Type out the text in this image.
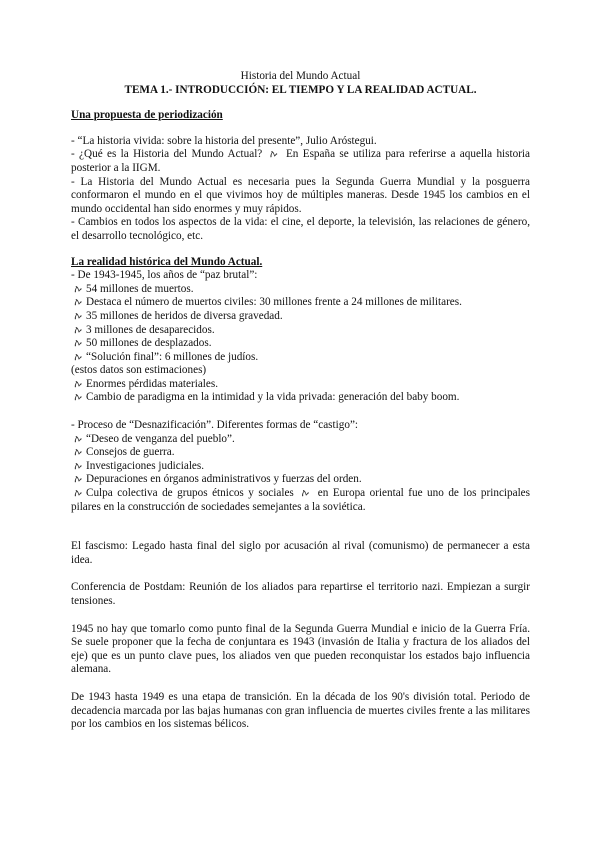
Historia del Mundo Actual
TEMA 1.- INTRODUCCIÓN: EL TIEMPO Y LA REALIDAD ACTUAL.
Una propuesta de periodización
- “La historia vivida: sobre la historia del presente”, Julio Aróstegui.
- ¿Qué es la Historia del Mundo Actual? ࠕ En España se utiliza para referirse a aquella historia posterior a la IIGM.
- La Historia del Mundo Actual es necesaria pues la Segunda Guerra Mundial y la posguerra conformaron el mundo en el que vivimos hoy de múltiples maneras. Desde 1945 los cambios en el mundo occidental han sido enormes y muy rápidos.
- Cambios en todos los aspectos de la vida: el cine, el deporte, la televisión, las relaciones de género, el desarrollo tecnológico, etc.
La realidad histórica del Mundo Actual.
- De 1943-1945, los años de “paz brutal”:
ࠕ 54 millones de muertos.
ࠕ Destaca el número de muertos civiles: 30 millones frente a 24 millones de militares.
ࠕ 35 millones de heridos de diversa gravedad.
ࠕ 3 millones de desaparecidos.
ࠕ 50 millones de desplazados.
ࠕ “Solución final”: 6 millones de judíos.
(estos datos son estimaciones)
ࠕ Enormes pérdidas materiales.
ࠕ Cambio de paradigma en la intimidad y la vida privada: generación del baby boom.
- Proceso de “Desnazificación”. Diferentes formas de “castigo”:
ࠕ “Deseo de venganza del pueblo”.
ࠕ Consejos de guerra.
ࠕ Investigaciones judiciales.
ࠕ Depuraciones en órganos administrativos y fuerzas del orden.
ࠕ Culpa colectiva de grupos étnicos y sociales ࠕ en Europa oriental fue uno de los principales pilares en la construcción de sociedades semejantes a la soviética.
El fascismo: Legado hasta final del siglo por acusación al rival (comunismo) de permanecer a esta idea.
Conferencia de Postdam: Reunión de los aliados para repartirse el territorio nazi. Empiezan a surgir tensiones.
1945 no hay que tomarlo como punto final de la Segunda Guerra Mundial e inicio de la Guerra Fría. Se suele proponer que la fecha de conjuntara es 1943 (invasión de Italia y fractura de los aliados del eje) que es un punto clave pues, los aliados ven que pueden reconquistar los estados bajo influencia alemana.
De 1943 hasta 1949 es una etapa de transición. En la década de los 90's división total. Periodo de decadencia marcada por las bajas humanas con gran influencia de muertes civiles frente a las militares por los cambios en los sistemas bélicos.
